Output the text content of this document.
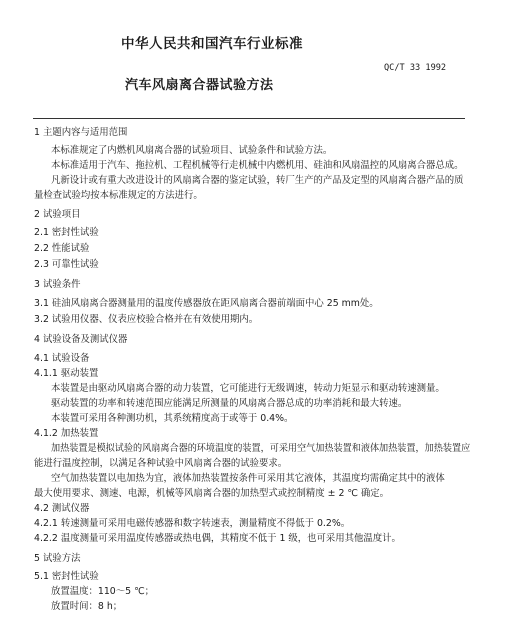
中华人民共和国汽车行业标准
QC/T 33 1992
汽车风扇离合器试验方法
1 主题内容与适用范围
本标准规定了内燃机风扇离合器的试验项目、试验条件和试验方法。
本标准适用于汽车、拖拉机、工程机械等行走机械中内燃机用、硅油和风扇温控的风扇离合器总成。
凡新设计或有重大改进设计的风扇离合器的鉴定试验，转厂生产的产品及定型的风扇离合器产品的质
量检查试验均按本标准规定的方法进行。
2 试验项目
2.1 密封性试验
2.2 性能试验
2.3 可靠性试验
3 试验条件
3.1 硅油风扇离合器测量用的温度传感器放在距风扇离合器前端面中心 25 mm处。
3.2 试验用仪器、仪表应校验合格并在有效使用期内。
4 试验设备及测试仪器
4.1 试验设备
4.1.1 驱动装置
本装置是由驱动风扇离合器的动力装置，它可能进行无级调速，转动力矩显示和驱动转速测量。
驱动装置的功率和转速范围应能满足所测量的风扇离合器总成的功率消耗和最大转速。
本装置可采用各种测功机，其系统精度高于或等于 0.4%。
4.1.2 加热装置
加热装置是模拟试验的风扇离合器的环境温度的装置，可采用空气加热装置和液体加热装置，加热装置应
能进行温度控制，以满足各种试验中风扇离合器的试验要求。
空气加热装置以电加热为宜，液体加热装置按条件可采用其它液体，其温度均需确定其中的液体
最大使用要求、测速、电源，机械等风扇离合器的加热型式或控制精度 ± 2 ℃ 确定。
4.2 测试仪器
4.2.1 转速测量可采用电磁传感器和数字转速表，测量精度不得低于 0.2%。
4.2.2 温度测量可采用温度传感器或热电偶，其精度不低于 1 级，也可采用其他温度计。
5 试验方法
5.1 密封性试验
放置温度：110～5 ℃；
放置时间：8 h；
